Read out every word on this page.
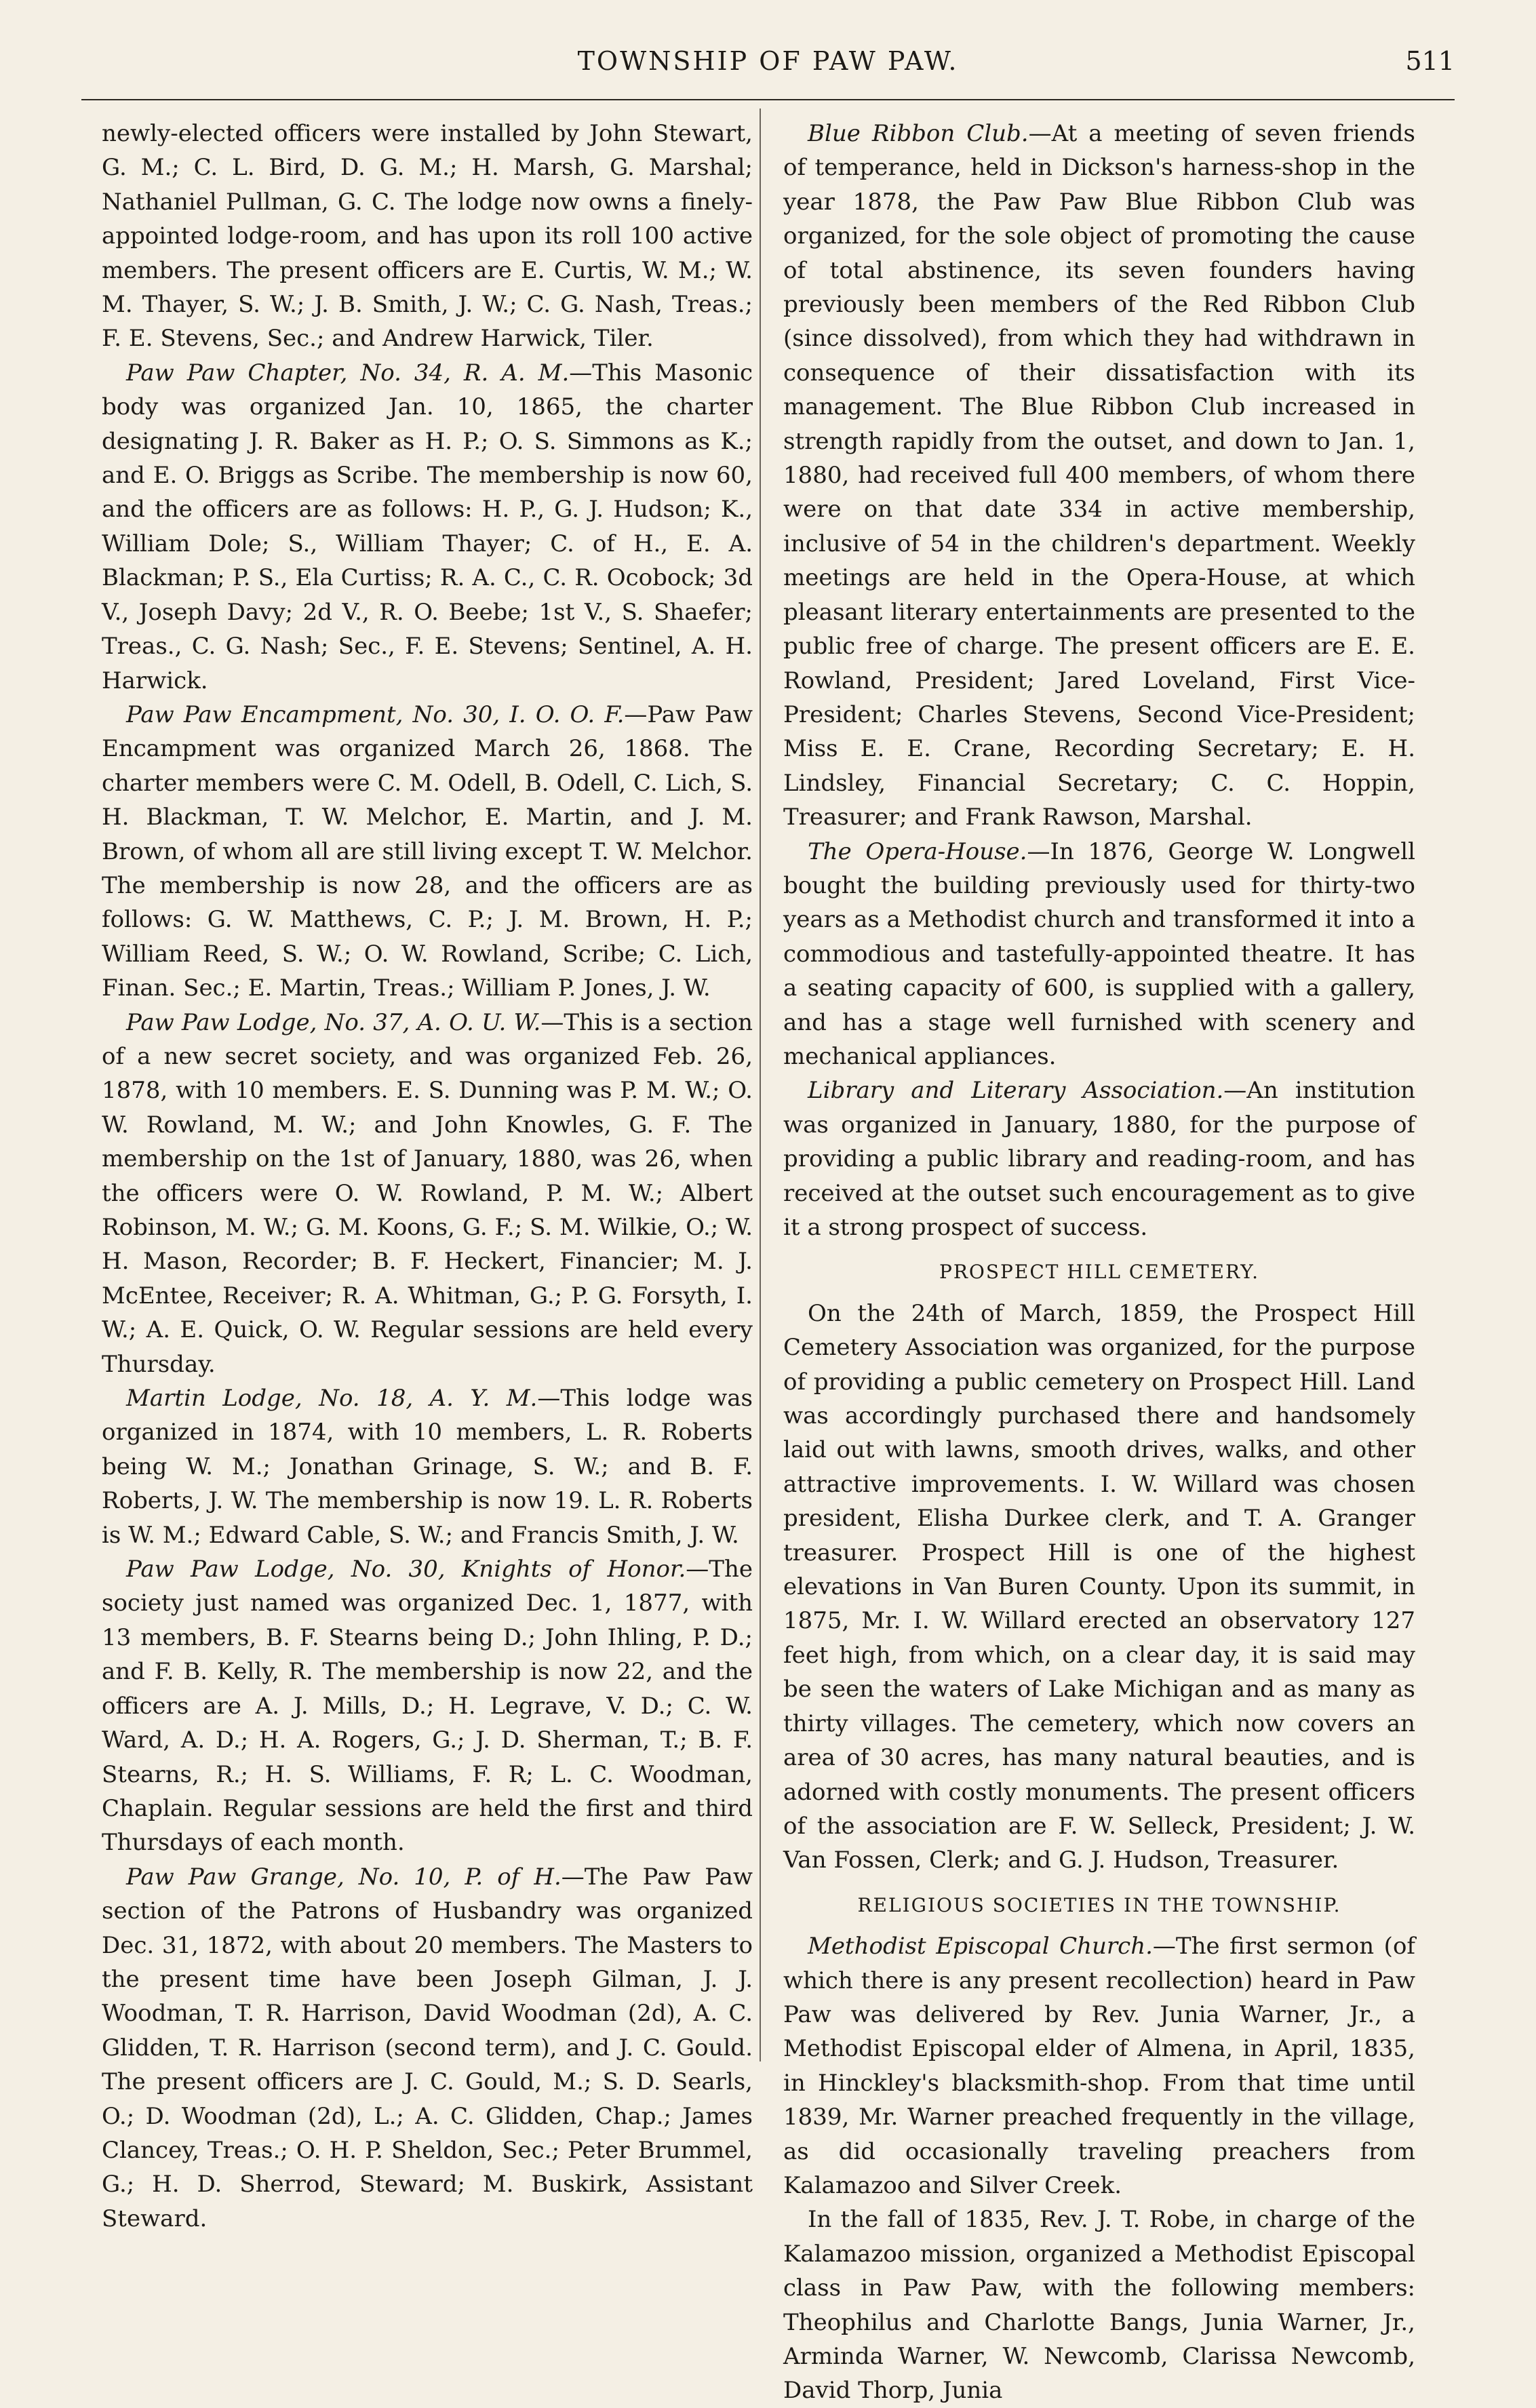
TOWNSHIP OF PAW PAW.	511

newly-elected officers were installed by John Stewart, G. M.; C. L. Bird, D. G. M.; H. Marsh, G. Marshal; Nathaniel Pullman, G. C. The lodge now owns a finely-appointed lodge-room, and has upon its roll 100 active members. The present officers are E. Curtis, W. M.; W. M. Thayer, S. W.; J. B. Smith, J. W.; C. G. Nash, Treas.; F. E. Stevens, Sec.; and Andrew Harwick, Tiler.

Paw Paw Chapter, No. 34, R. A. M.—This Masonic body was organized Jan. 10, 1865, the charter designating J. R. Baker as H. P.; O. S. Simmons as K.; and E. O. Briggs as Scribe. The membership is now 60, and the officers are as follows: H. P., G. J. Hudson; K., William Dole; S., William Thayer; C. of H., E. A. Blackman; P. S., Ela Curtiss; R. A. C., C. R. Ocobock; 3d V., Joseph Davy; 2d V., R. O. Beebe; 1st V., S. Shaefer; Treas., C. G. Nash; Sec., F. E. Stevens; Sentinel, A. H. Harwick.

Paw Paw Encampment, No. 30, I. O. O. F.—Paw Paw Encampment was organized March 26, 1868. The charter members were C. M. Odell, B. Odell, C. Lich, S. H. Blackman, T. W. Melchor, E. Martin, and J. M. Brown, of whom all are still living except T. W. Melchor. The membership is now 28, and the officers are as follows: G. W. Matthews, C. P.; J. M. Brown, H. P.; William Reed, S. W.; O. W. Rowland, Scribe; C. Lich, Finan. Sec.; E. Martin, Treas.; William P. Jones, J. W.

Paw Paw Lodge, No. 37, A. O. U. W.—This is a section of a new secret society, and was organized Feb. 26, 1878, with 10 members. E. S. Dunning was P. M. W.; O. W. Rowland, M. W.; and John Knowles, G. F. The membership on the 1st of January, 1880, was 26, when the officers were O. W. Rowland, P. M. W.; Albert Robinson, M. W.; G. M. Koons, G. F.; S. M. Wilkie, O.; W. H. Mason, Recorder; B. F. Heckert, Financier; M. J. McEntee, Receiver; R. A. Whitman, G.; P. G. Forsyth, I. W.; A. E. Quick, O. W. Regular sessions are held every Thursday.

Martin Lodge, No. 18, A. Y. M.—This lodge was organized in 1874, with 10 members, L. R. Roberts being W. M.; Jonathan Grinage, S. W.; and B. F. Roberts, J. W. The membership is now 19. L. R. Roberts is W. M.; Edward Cable, S. W.; and Francis Smith, J. W.

Paw Paw Lodge, No. 30, Knights of Honor.—The society just named was organized Dec. 1, 1877, with 13 members, B. F. Stearns being D.; John Ihling, P. D.; and F. B. Kelly, R. The membership is now 22, and the officers are A. J. Mills, D.; H. Legrave, V. D.; C. W. Ward, A. D.; H. A. Rogers, G.; J. D. Sherman, T.; B. F. Stearns, R.; H. S. Williams, F. R; L. C. Woodman, Chaplain. Regular sessions are held the first and third Thursdays of each month.

Paw Paw Grange, No. 10, P. of H.—The Paw Paw section of the Patrons of Husbandry was organized Dec. 31, 1872, with about 20 members. The Masters to the present time have been Joseph Gilman, J. J. Woodman, T. R. Harrison, David Woodman (2d), A. C. Glidden, T. R. Harrison (second term), and J. C. Gould. The present officers are J. C. Gould, M.; S. D. Searls, O.; D. Woodman (2d), L.; A. C. Glidden, Chap.; James Clancey, Treas.; O. H. P. Sheldon, Sec.; Peter Brummel, G.; H. D. Sherrod, Steward; M. Buskirk, Assistant Steward.

Blue Ribbon Club.—At a meeting of seven friends of temperance, held in Dickson's harness-shop in the year 1878, the Paw Paw Blue Ribbon Club was organized, for the sole object of promoting the cause of total abstinence, its seven founders having previously been members of the Red Ribbon Club (since dissolved), from which they had withdrawn in consequence of their dissatisfaction with its management. The Blue Ribbon Club increased in strength rapidly from the outset, and down to Jan. 1, 1880, had received full 400 members, of whom there were on that date 334 in active membership, inclusive of 54 in the children's department. Weekly meetings are held in the Opera-House, at which pleasant literary entertainments are presented to the public free of charge. The present officers are E. E. Rowland, President; Jared Loveland, First Vice-President; Charles Stevens, Second Vice-President; Miss E. E. Crane, Recording Secretary; E. H. Lindsley, Financial Secretary; C. C. Hoppin, Treasurer; and Frank Rawson, Marshal.

The Opera-House.—In 1876, George W. Longwell bought the building previously used for thirty-two years as a Methodist church and transformed it into a commodious and tastefully-appointed theatre. It has a seating capacity of 600, is supplied with a gallery, and has a stage well furnished with scenery and mechanical appliances.

Library and Literary Association.—An institution was organized in January, 1880, for the purpose of providing a public library and reading-room, and has received at the outset such encouragement as to give it a strong prospect of success.

PROSPECT HILL CEMETERY.

On the 24th of March, 1859, the Prospect Hill Cemetery Association was organized, for the purpose of providing a public cemetery on Prospect Hill. Land was accordingly purchased there and handsomely laid out with lawns, smooth drives, walks, and other attractive improvements. I. W. Willard was chosen president, Elisha Durkee clerk, and T. A. Granger treasurer. Prospect Hill is one of the highest elevations in Van Buren County. Upon its summit, in 1875, Mr. I. W. Willard erected an observatory 127 feet high, from which, on a clear day, it is said may be seen the waters of Lake Michigan and as many as thirty villages. The cemetery, which now covers an area of 30 acres, has many natural beauties, and is adorned with costly monuments. The present officers of the association are F. W. Selleck, President; J. W. Van Fossen, Clerk; and G. J. Hudson, Treasurer.

RELIGIOUS SOCIETIES IN THE TOWNSHIP.

Methodist Episcopal Church.—The first sermon (of which there is any present recollection) heard in Paw Paw was delivered by Rev. Junia Warner, Jr., a Methodist Episcopal elder of Almena, in April, 1835, in Hinckley's blacksmith-shop. From that time until 1839, Mr. Warner preached frequently in the village, as did occasionally traveling preachers from Kalamazoo and Silver Creek.

In the fall of 1835, Rev. J. T. Robe, in charge of the Kalamazoo mission, organized a Methodist Episcopal class in Paw Paw, with the following members: Theophilus and Charlotte Bangs, Junia Warner, Jr., Arminda Warner, W. Newcomb, Clarissa Newcomb, David Thorp, Junia
